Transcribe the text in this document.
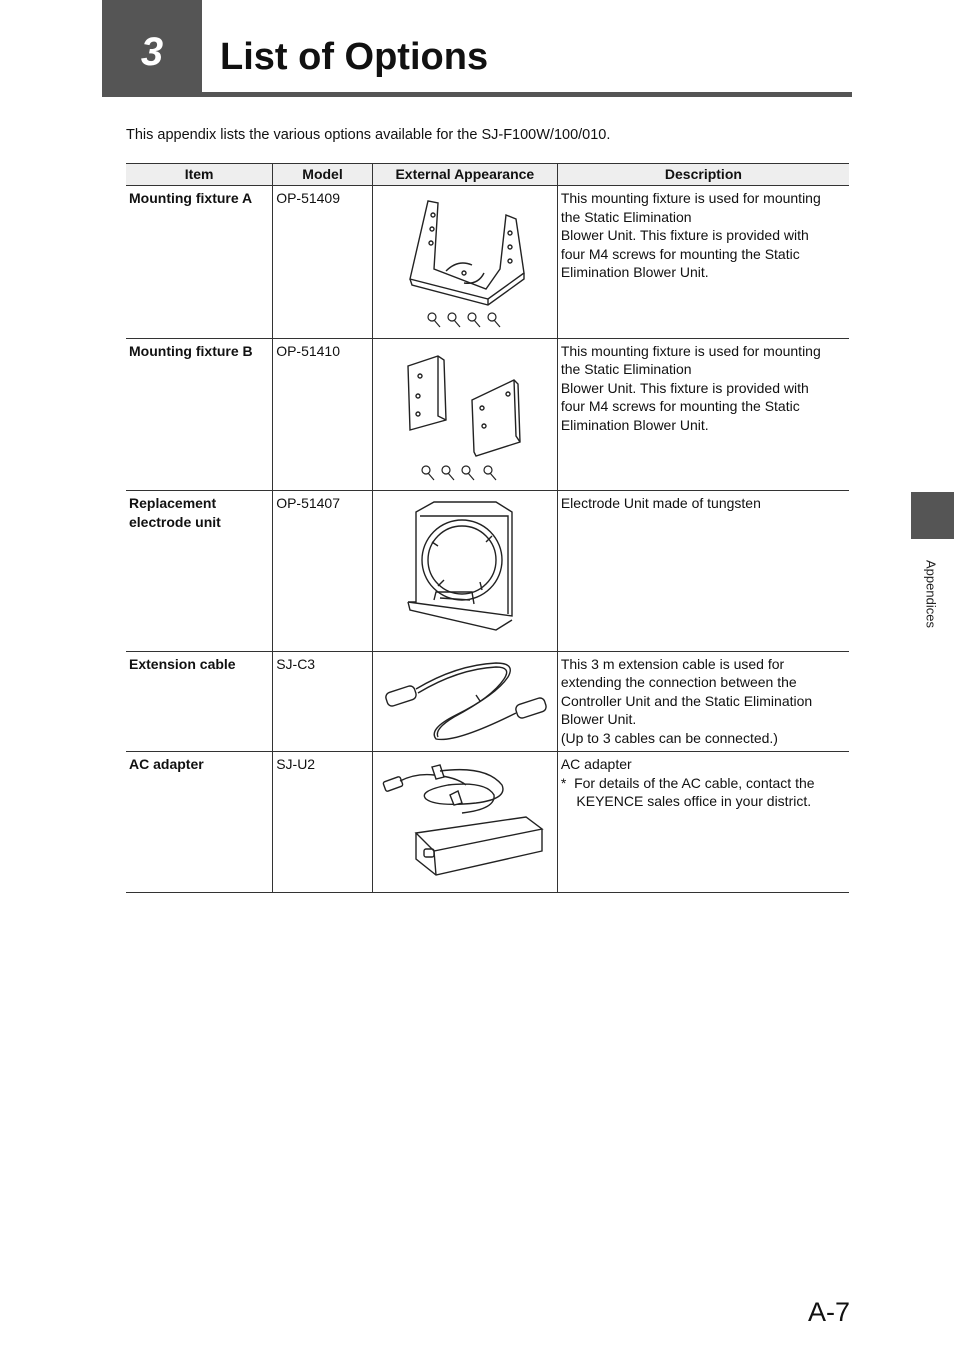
3	List of Options
This appendix lists the various options available for the SJ-F100W/100/010.
Item	Model	External Appearance	Description
Mounting fixture A	OP-51409		This mounting fixture is used for mounting
the Static Elimination
Blower Unit. This fixture is provided with
four M4 screws for mounting the Static
Elimination Blower Unit.

Mounting fixture B	OP-51410		This mounting fixture is used for mounting
the Static Elimination
Blower Unit. This fixture is provided with
four M4 screws for mounting the Static
Elimination Blower Unit.

Replacement electrode unit	OP-51407		Electrode Unit made of tungsten

Extension cable	SJ-C3		This 3 m extension cable is used for
extending the connection between the
Controller Unit and the Static Elimination
Blower Unit.
(Up to 3 cables can be connected.)

AC adapter	SJ-U2		AC adapter
*  For details of the AC cable, contact the
KEYENCE sales office in your district.
Appendices
A-7
